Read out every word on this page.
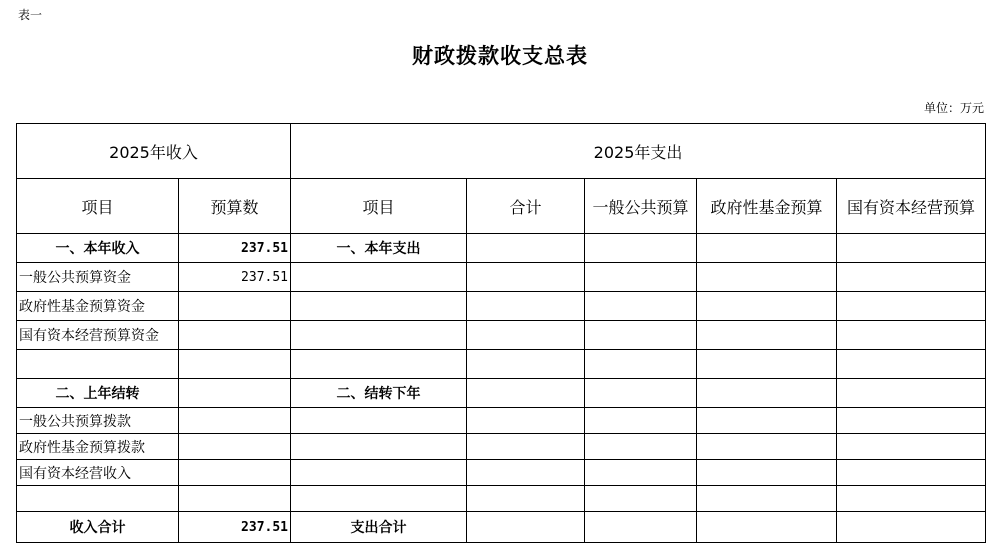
表一
财政拨款收支总表
单位：万元
2025年收入		2025年支出				
项目	预算数	项目	合计	一般公共预算	政府性基金预算	国有资本经营预算
一、本年收入	237.51	一、本年支出				
一般公共预算资金	237.51					
政府性基金预算资金						
国有资本经营预算资金						

二、上年结转		二、结转下年				
一般公共预算拨款						
政府性基金预算拨款						
国有资本经营收入						

收入合计	237.51	支出合计				
